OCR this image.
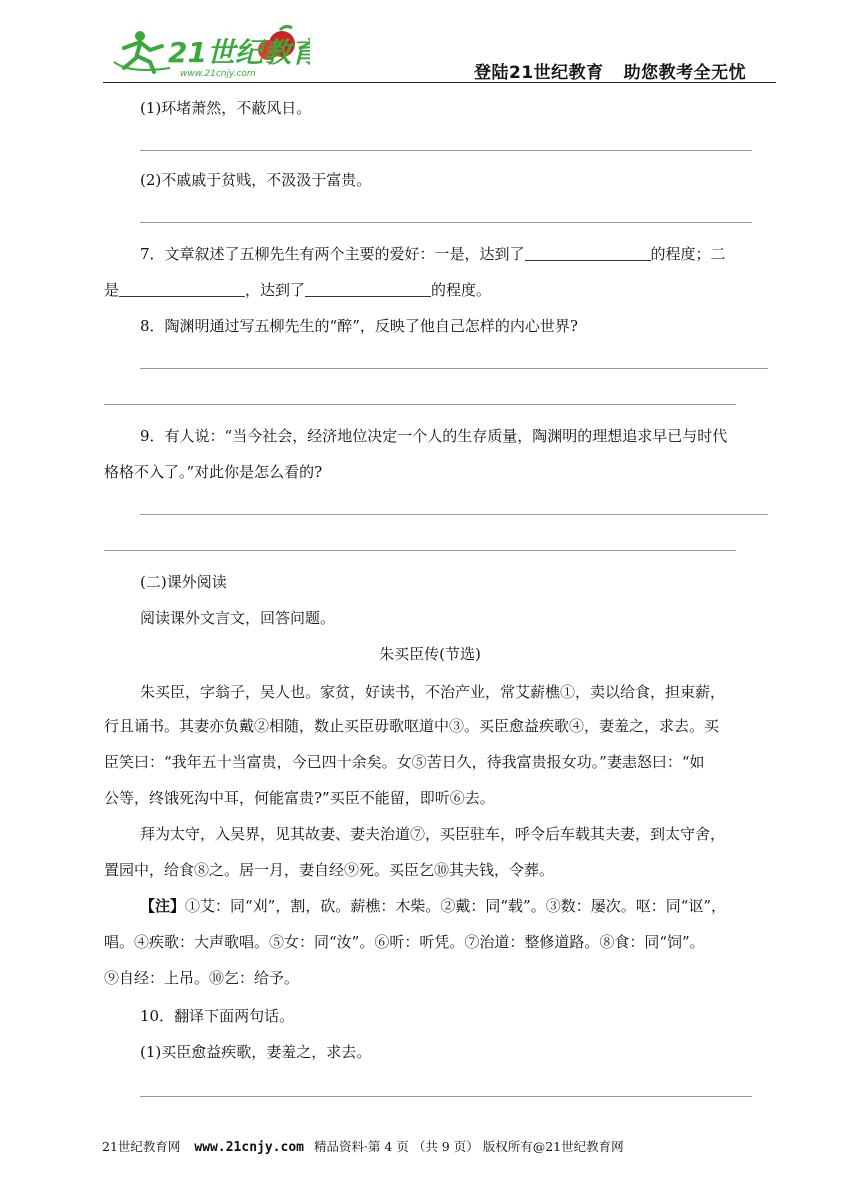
21世纪教育
www.21cnjy.com	登陆21世纪教育 助您教考全无忧
(1)环堵萧然，不蔽风日。
(2)不戚戚于贫贱，不汲汲于富贵。
7．文章叙述了五柳先生有两个主要的爱好：一是，达到了	的程度；二
是	，达到了	的程度。
8．陶渊明通过写五柳先生的“醉”，反映了他自己怎样的内心世界?
9．有人说：“当今社会，经济地位决定一个人的生存质量，陶渊明的理想追求早已与时代
格格不入了。”对此你是怎么看的?
(二)课外阅读
阅读课外文言文，回答问题。
朱买臣传(节选)
朱买臣，字翁子，吴人也。家贫，好读书，不治产业，常艾薪樵①，卖以给食，担束薪，
行且诵书。其妻亦负戴②相随，数止买臣毋歌呕道中③。买臣愈益疾歌④，妻羞之，求去。买
臣笑曰：“我年五十当富贵，今已四十余矣。女⑤苦日久，待我富贵报女功。”妻恚怒曰：“如
公等，终饿死沟中耳，何能富贵?”买臣不能留，即听⑥去。
拜为太守，入吴界，见其故妻、妻夫治道⑦，买臣驻车，呼令后车载其夫妻，到太守舍，
置园中，给食⑧之。居一月，妻自经⑨死。买臣乞⑩其夫钱，令葬。
【注】①艾：同“刈”，割，砍。薪樵：木柴。②戴：同“载”。③数：屡次。呕：同“讴”，
唱。④疾歌：大声歌唱。⑤女：同“汝”。⑥听：听凭。⑦治道：整修道路。⑧食：同“饲”。
⑨自经：上吊。⑩乞：给予。
10．翻译下面两句话。
(1)买臣愈益疾歌，妻羞之，求去。
21世纪教育网 www.21cnjy.com 精品资料·第 4 页 （共 9 页） 版权所有@21世纪教育网
